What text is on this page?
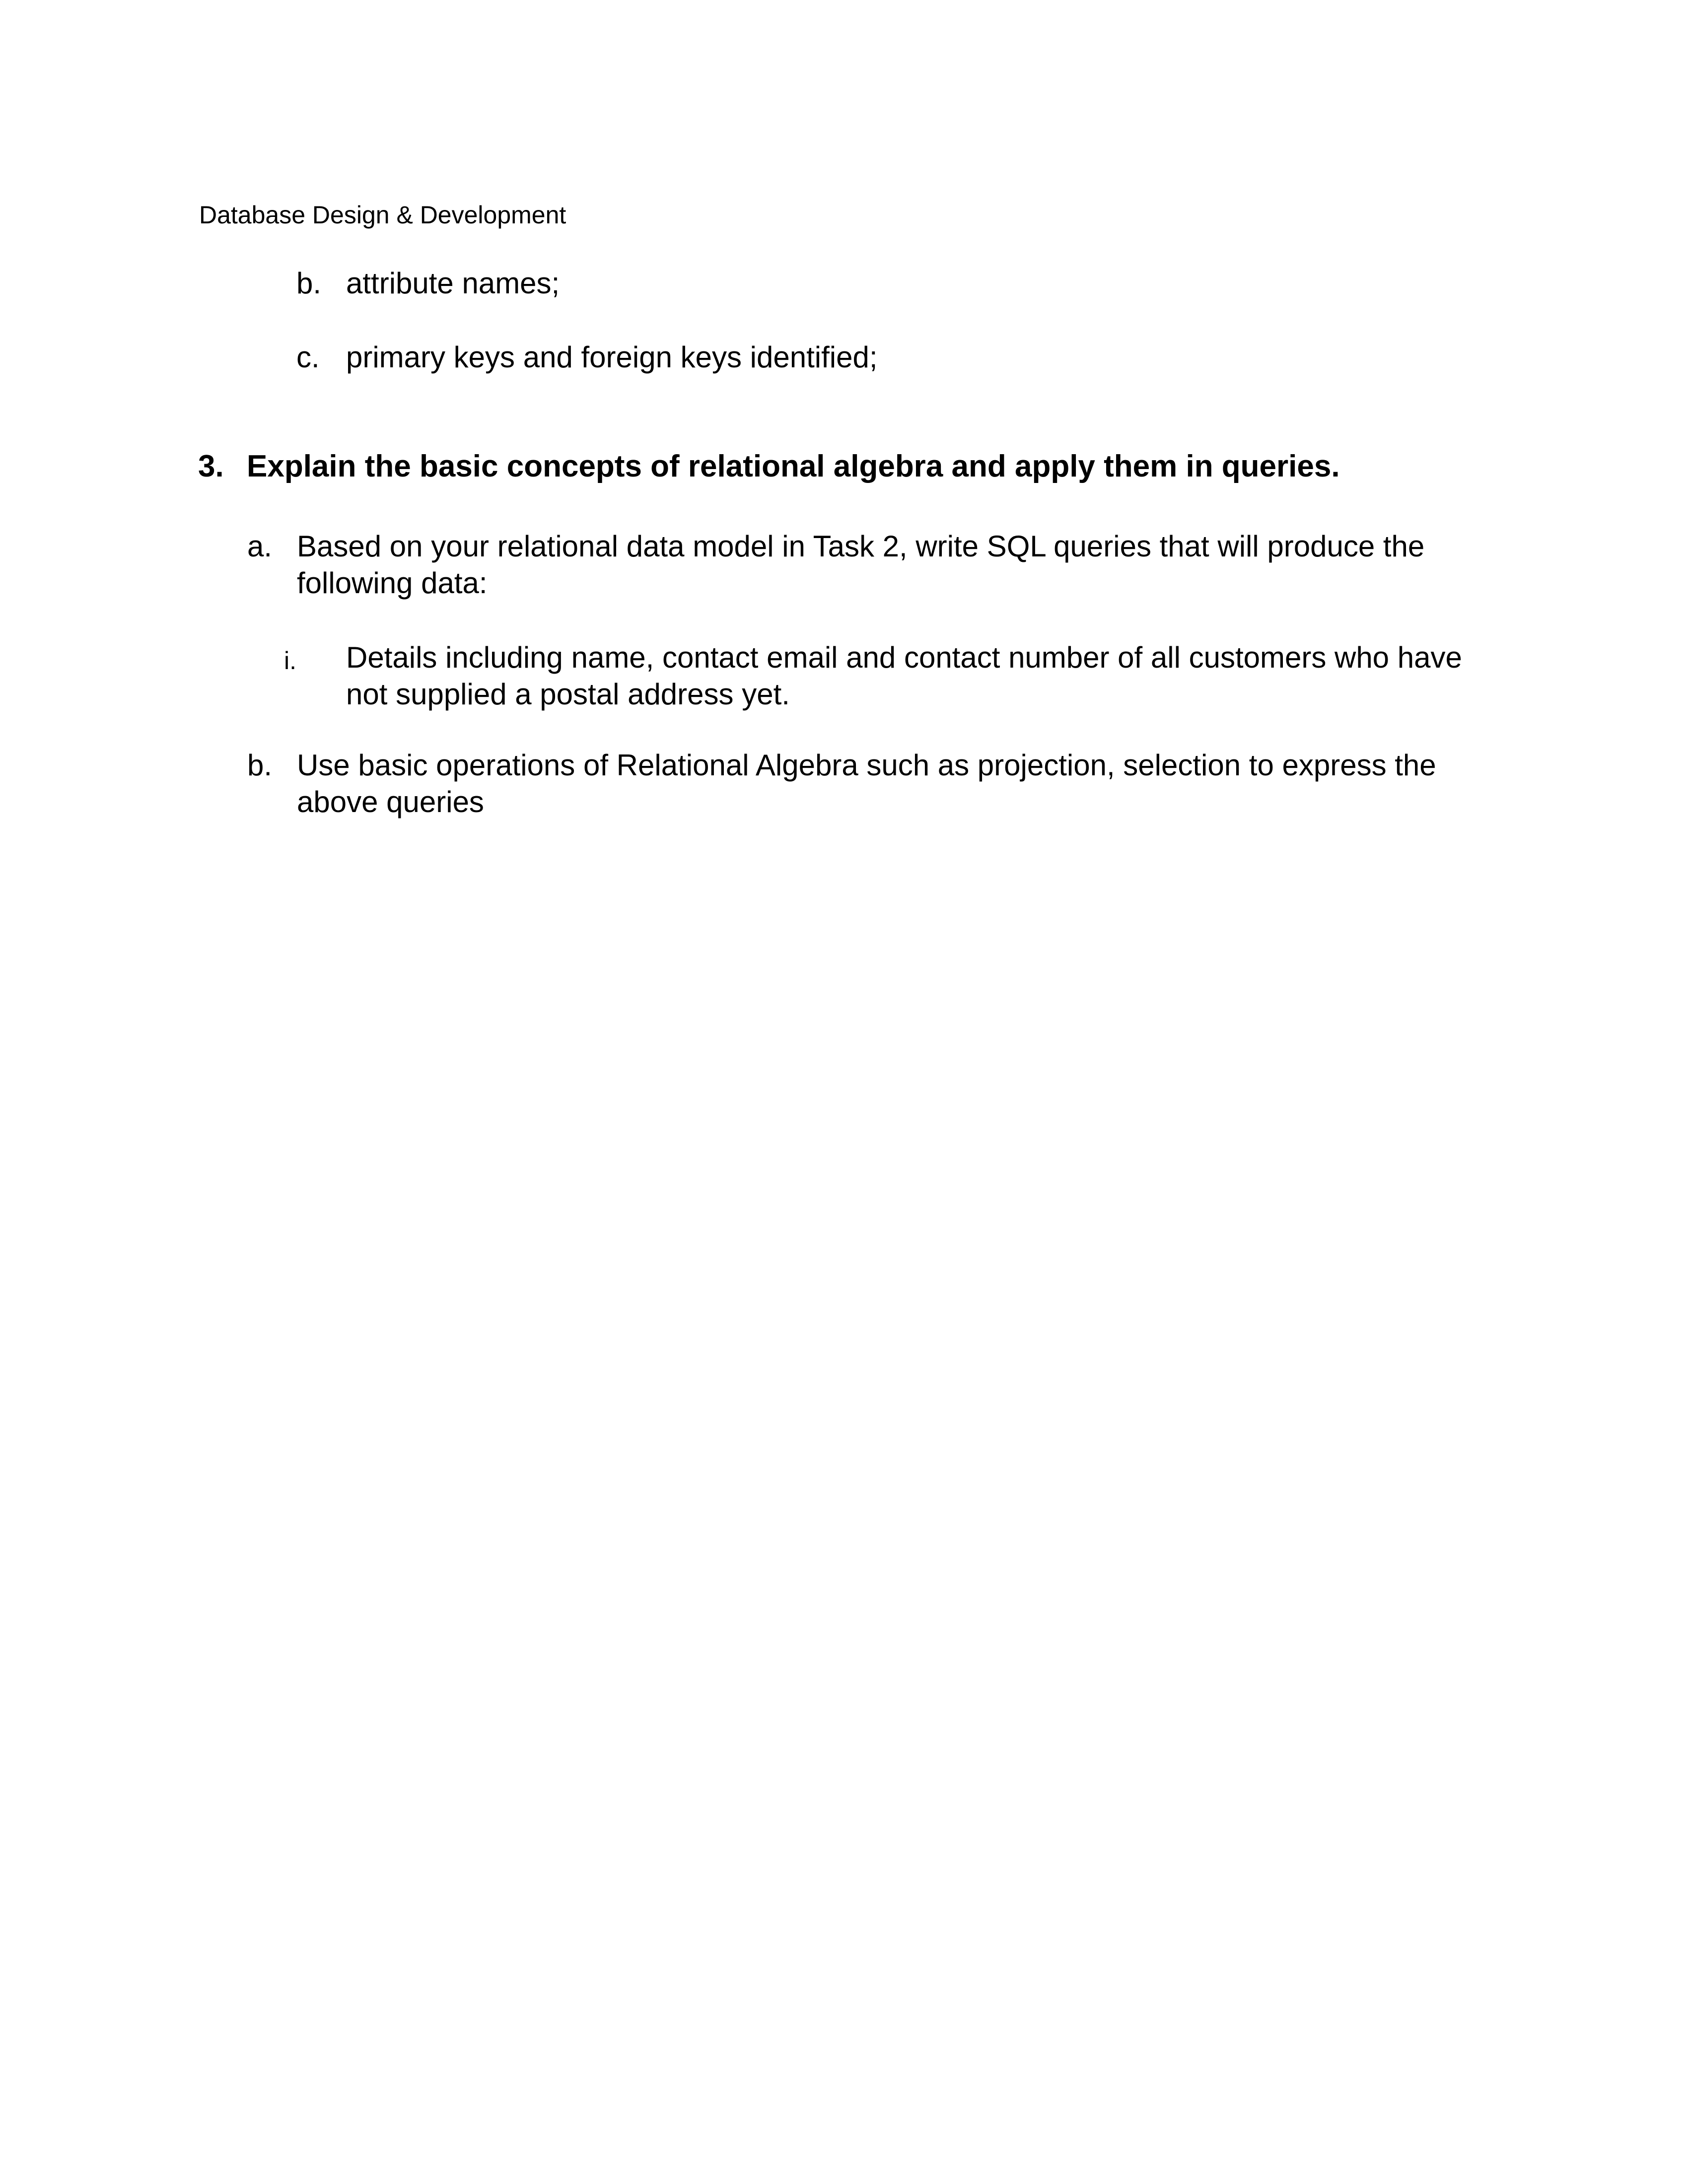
Database Design & Development
b. attribute names;
c. primary keys and foreign keys identified;
3. Explain the basic concepts of relational algebra and apply them in queries.
a. Based on your relational data model in Task 2, write SQL queries that will produce the following data:
i. Details including name, contact email and contact number of all customers who have not supplied a postal address yet.
b. Use basic operations of Relational Algebra such as projection, selection to express the above queries
